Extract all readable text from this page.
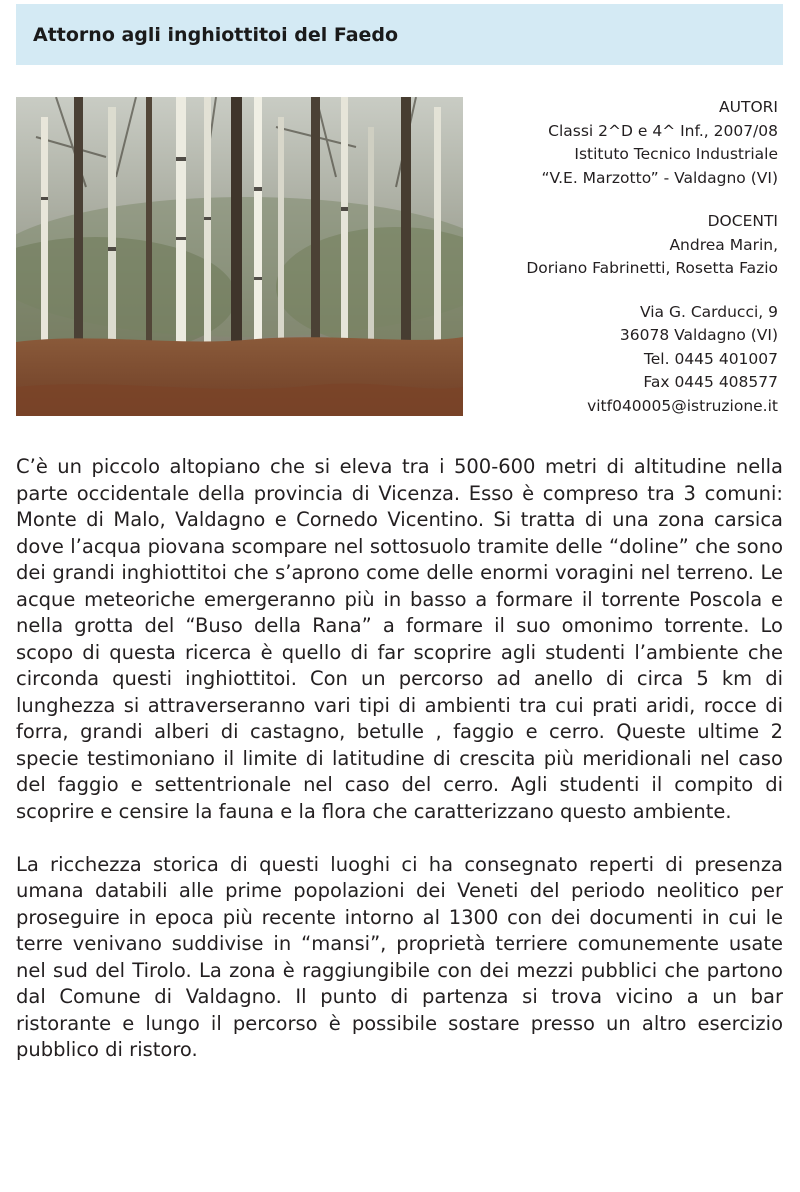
Attorno agli inghiottitoi del Faedo
AUTORI
Classi 2^D e 4^ Inf., 2007/08
Istituto Tecnico Industriale
“V.E. Marzotto” - Valdagno (VI)
DOCENTI
Andrea Marin,
Doriano Fabrinetti, Rosetta Fazio
Via G. Carducci, 9
36078 Valdagno (VI)
Tel. 0445 401007
Fax 0445 408577
vitf040005@istruzione.it

C’è un piccolo altopiano che si eleva tra i 500-600 metri di altitudine nella parte occidentale della provincia di Vicenza. Esso è compreso tra 3 comuni: Monte di Malo, Valdagno e Cornedo Vicentino. Si tratta di una zona carsica dove l’acqua piovana scompare nel sottosuolo tramite delle “doline” che sono dei grandi inghiottitoi che s’aprono come delle enormi voragini nel terreno. Le acque meteoriche emergeranno più in basso a formare il torrente Poscola e nella grotta del “Buso della Rana” a formare il suo omonimo torrente. Lo scopo di questa ricerca è quello di far scoprire agli studenti l’ambiente che circonda questi inghiottitoi. Con un percorso ad anello di circa 5 km di lunghezza si attraverseranno vari tipi di ambienti tra cui prati aridi, rocce di forra, grandi alberi di castagno, betulle , faggio e cerro. Queste ultime 2 specie testimoniano il limite di latitudine di crescita più meridionali nel caso del faggio e settentrionale nel caso del cerro. Agli studenti il compito di scoprire e censire la fauna e la flora che caratterizzano questo ambiente.

La ricchezza storica di questi luoghi ci ha consegnato reperti di presenza umana databili alle prime popolazioni dei Veneti del periodo neolitico per proseguire in epoca più recente intorno al 1300 con dei documenti in cui le terre venivano suddivise in “mansi”, proprietà terriere comunemente usate nel sud del Tirolo. La zona è raggiungibile con dei mezzi pubblici che partono dal Comune di Valdagno. Il punto di partenza si trova vicino a un bar ristorante e lungo il percorso è possibile sostare presso un altro esercizio pubblico di ristoro.
